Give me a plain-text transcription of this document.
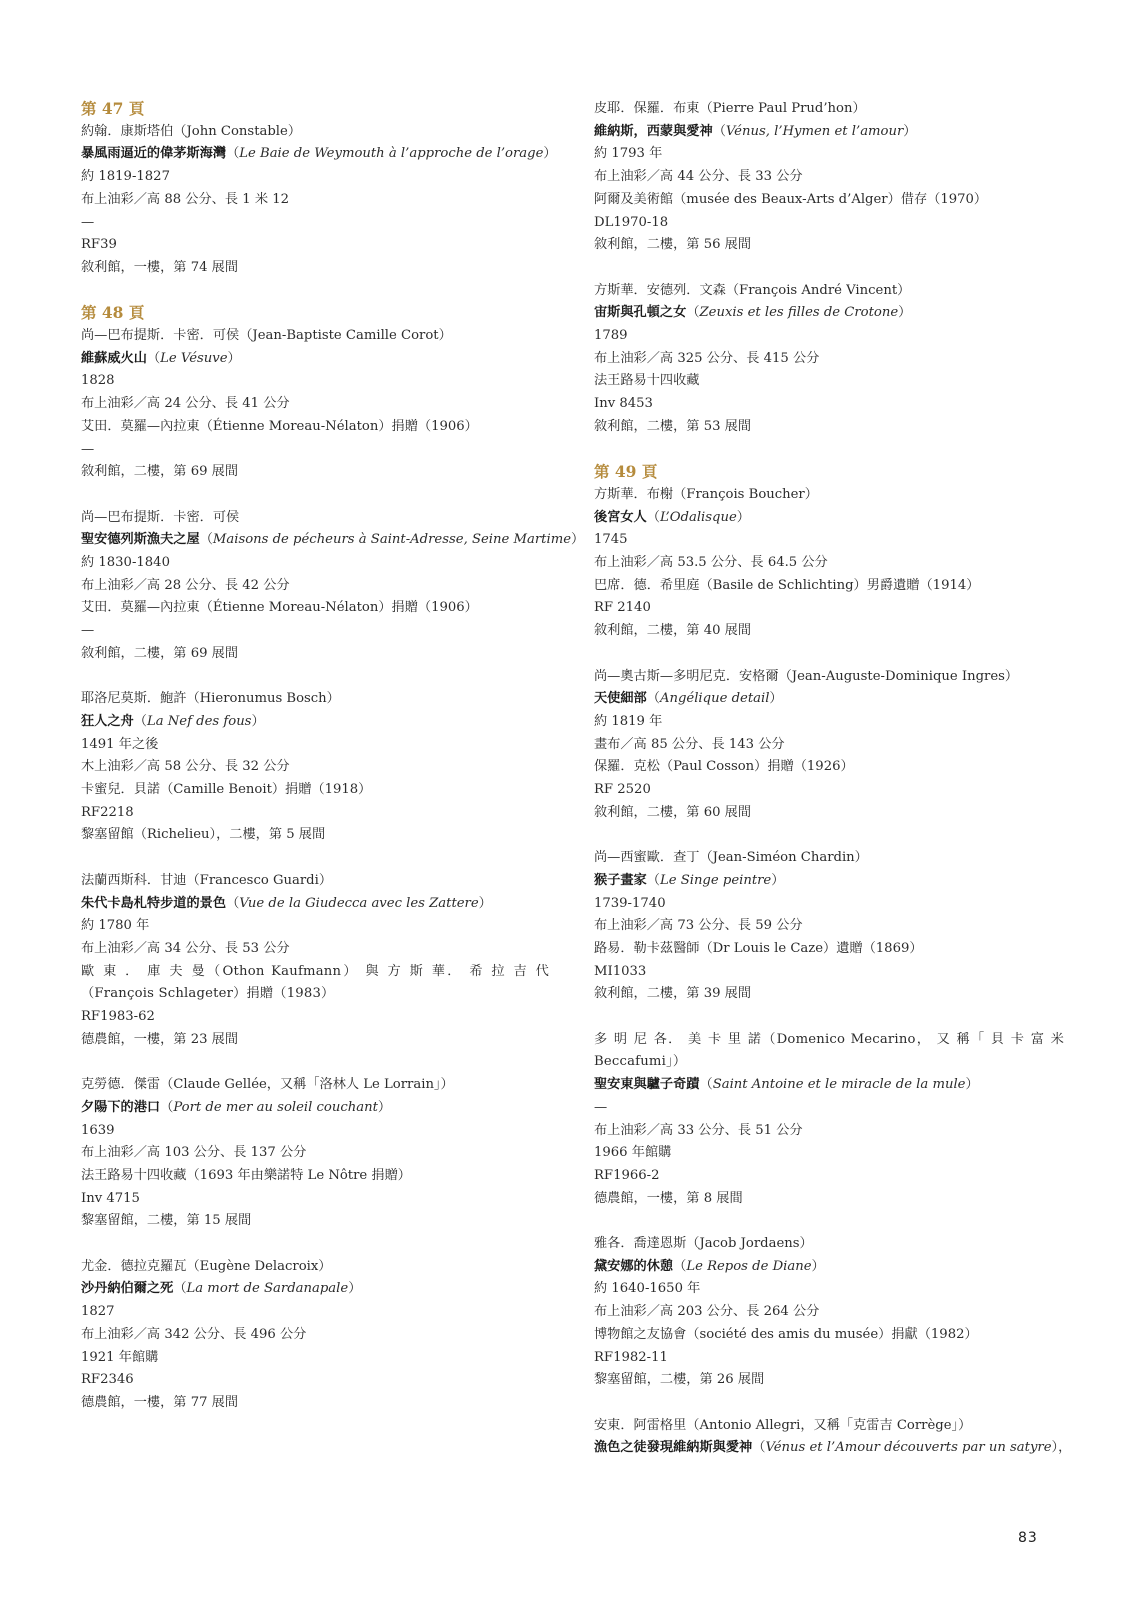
第 47 頁
約翰．康斯塔伯（John Constable）
暴風雨逼近的偉茅斯海灣（Le Baie de Weymouth à l’approche de l’orage）
約 1819-1827
布上油彩／高 88 公分、長 1 米 12
—
RF39
敘利館，一樓，第 74 展間
第 48 頁
尚—巴布提斯．卡密．可侯（Jean-Baptiste Camille Corot）
維蘇威火山（Le Vésuve）
1828
布上油彩／高 24 公分、長 41 公分
艾田．莫羅—內拉東（Étienne Moreau-Nélaton）捐贈（1906）
—
敘利館，二樓，第 69 展間
尚—巴布提斯．卡密．可侯
聖安德列斯漁夫之屋（Maisons de pécheurs à Saint-Adresse, Seine Martime）
約 1830-1840
布上油彩／高 28 公分、長 42 公分
艾田．莫羅—內拉東（Étienne Moreau-Nélaton）捐贈（1906）
—
敘利館，二樓，第 69 展間
耶洛尼莫斯．鮑許（Hieronumus Bosch）
狂人之舟（La Nef des fous）
1491 年之後
木上油彩／高 58 公分、長 32 公分
卡蜜兒．貝諾（Camille Benoit）捐贈（1918）
RF2218
黎塞留館（Richelieu），二樓，第 5 展間
法蘭西斯科．甘迪（Francesco Guardi）
朱代卡島札特步道的景色（Vue de la Giudecca avec les Zattere）
約 1780 年
布上油彩／高 34 公分、長 53 公分
歐 東 ． 庫 夫 曼（Othon Kaufmann） 與 方 斯 華． 希 拉 吉 代（François Schlageter）捐贈（1983）
RF1983-62
德農館，一樓，第 23 展間
克勞德．傑雷（Claude Gellée，又稱「洛林人 Le Lorrain」）
夕陽下的港口（Port de mer au soleil couchant）
1639
布上油彩／高 103 公分、長 137 公分
法王路易十四收藏（1693 年由樂諾特 Le Nôtre 捐贈）
Inv 4715
黎塞留館，二樓，第 15 展間
尤金．德拉克羅瓦（Eugène Delacroix）
沙丹納伯爾之死（La mort de Sardanapale）
1827
布上油彩／高 342 公分、長 496 公分
1921 年館購
RF2346
德農館，一樓，第 77 展間
皮耶．保羅．布東（Pierre Paul Prud’hon）
維納斯，西蒙與愛神（Vénus, l’Hymen et l’amour）
約 1793 年
布上油彩／高 44 公分、長 33 公分
阿爾及美術館（musée des Beaux-Arts d’Alger）借存（1970）
DL1970-18
敘利館，二樓，第 56 展間
方斯華．安德列．文森（François André Vincent）
宙斯與孔頓之女（Zeuxis et les filles de Crotone）
1789
布上油彩／高 325 公分、長 415 公分
法王路易十四收藏
Inv 8453
敘利館，二樓，第 53 展間
第 49 頁
方斯華．布榭（François Boucher）
後宮女人（L’Odalisque）
1745
布上油彩／高 53.5 公分、長 64.5 公分
巴席．德．希里庭（Basile de Schlichting）男爵遺贈（1914）
RF 2140
敘利館，二樓，第 40 展間
尚—奧古斯—多明尼克．安格爾（Jean-Auguste-Dominique Ingres）
天使細部（Angélique detail）
約 1819 年
畫布／高 85 公分、長 143 公分
保羅．克松（Paul Cosson）捐贈（1926）
RF 2520
敘利館，二樓，第 60 展間
尚—西蜜歐．查丁（Jean-Siméon Chardin）
猴子畫家（Le Singe peintre）
1739-1740
布上油彩／高 73 公分、長 59 公分
路易．勒卡茲醫師（Dr Louis le Caze）遺贈（1869）
MI1033
敘利館，二樓，第 39 展間
多 明 尼 各． 美 卡 里 諾（Domenico Mecarino， 又 稱「 貝 卡 富 米 Beccafumi」）
聖安東與驢子奇蹟（Saint Antoine et le miracle de la mule）
—
布上油彩／高 33 公分、長 51 公分
1966 年館購
RF1966-2
德農館，一樓，第 8 展間
雅各．喬達恩斯（Jacob Jordaens）
黛安娜的休憩（Le Repos de Diane）
約 1640-1650 年
布上油彩／高 203 公分、長 264 公分
博物館之友協會（société des amis du musée）捐獻（1982）
RF1982-11
黎塞留館，二樓，第 26 展間
安東．阿雷格里（Antonio Allegri，又稱「克雷吉 Corrège」）
漁色之徒發現維納斯與愛神（Vénus et l’Amour découverts par un satyre），
83
